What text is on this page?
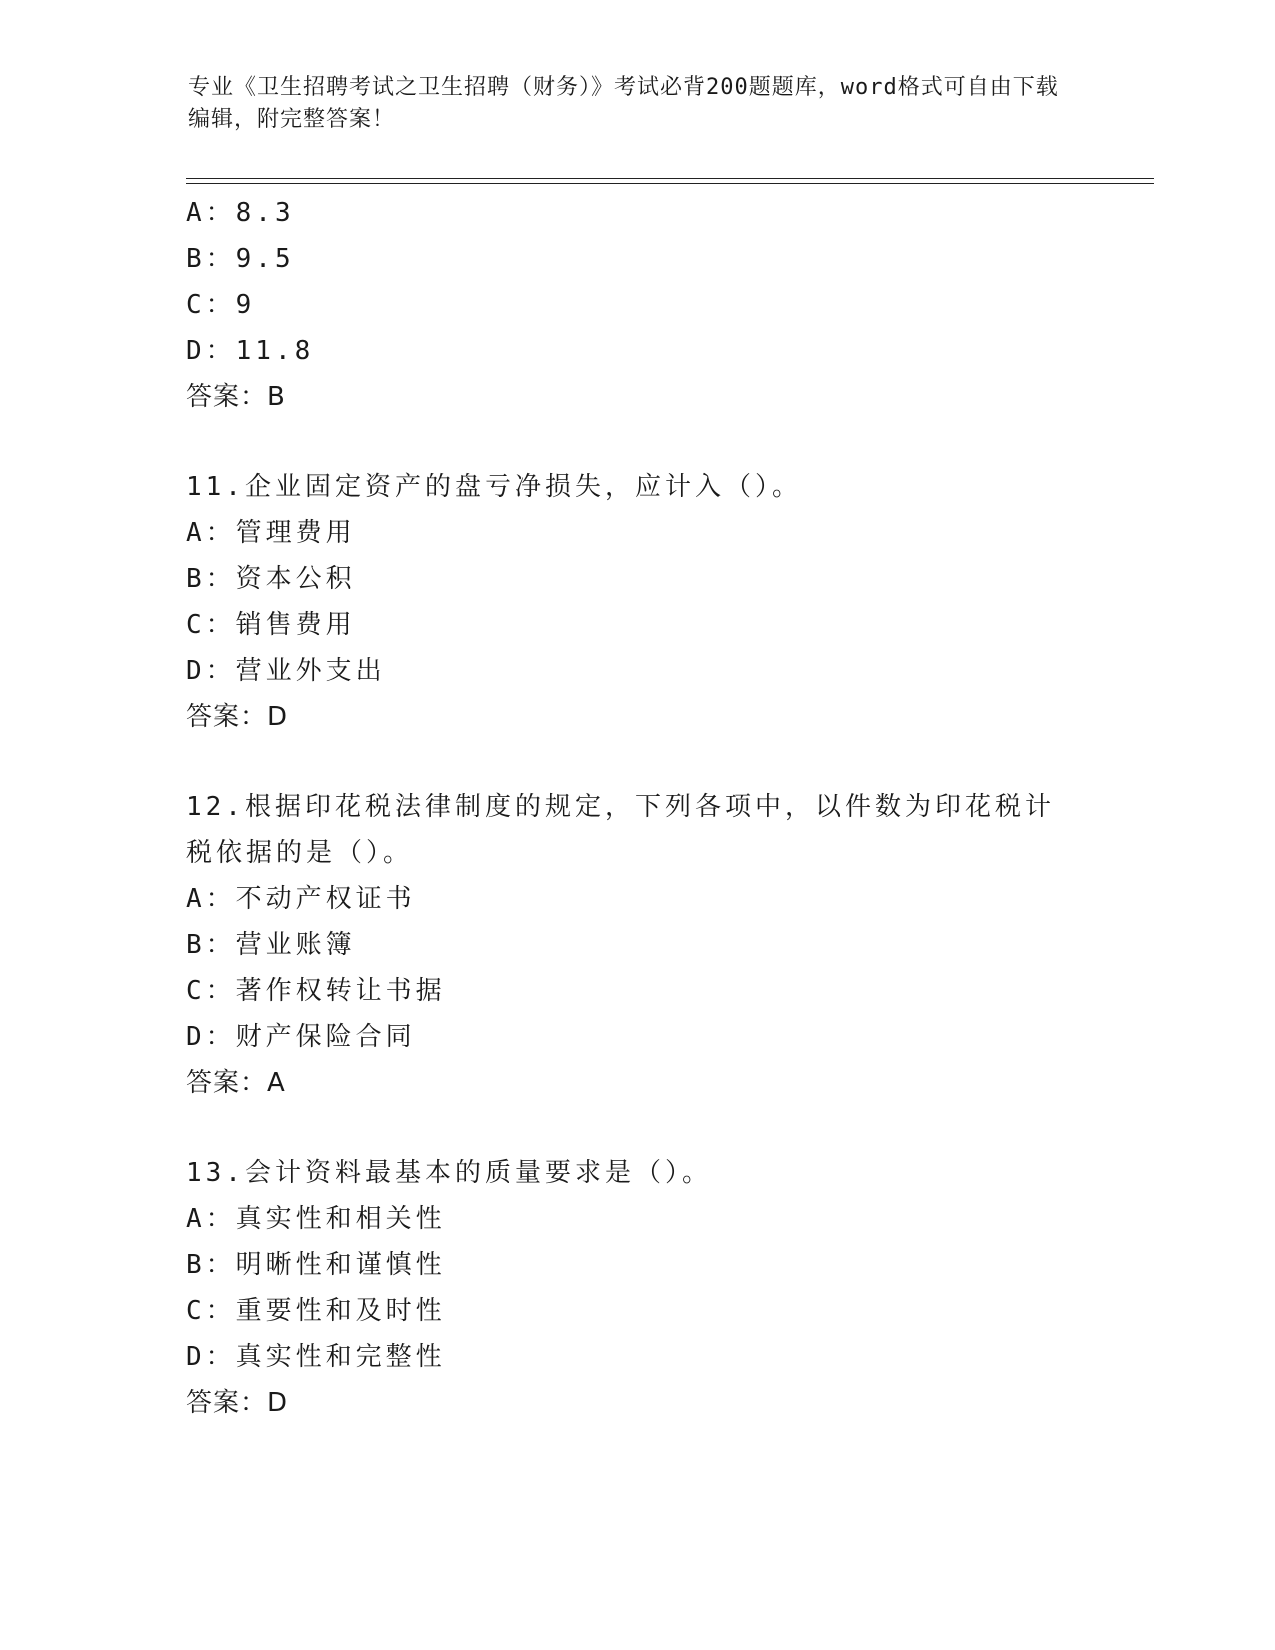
专业《卫生招聘考试之卫生招聘（财务）》考试必背200题题库，word格式可自由下载编辑，附完整答案！
A：8.3
B：9.5
C：9
D：11.8
答案：B
11.企业固定资产的盘亏净损失，应计入（）。
A：管理费用
B：资本公积
C：销售费用
D：营业外支出
答案：D
12.根据印花税法律制度的规定，下列各项中，以件数为印花税计税依据的是（）。
A：不动产权证书
B：营业账簿
C：著作权转让书据
D：财产保险合同
答案：A
13.会计资料最基本的质量要求是（）。
A：真实性和相关性
B：明晰性和谨慎性
C：重要性和及时性
D：真实性和完整性
答案：D
